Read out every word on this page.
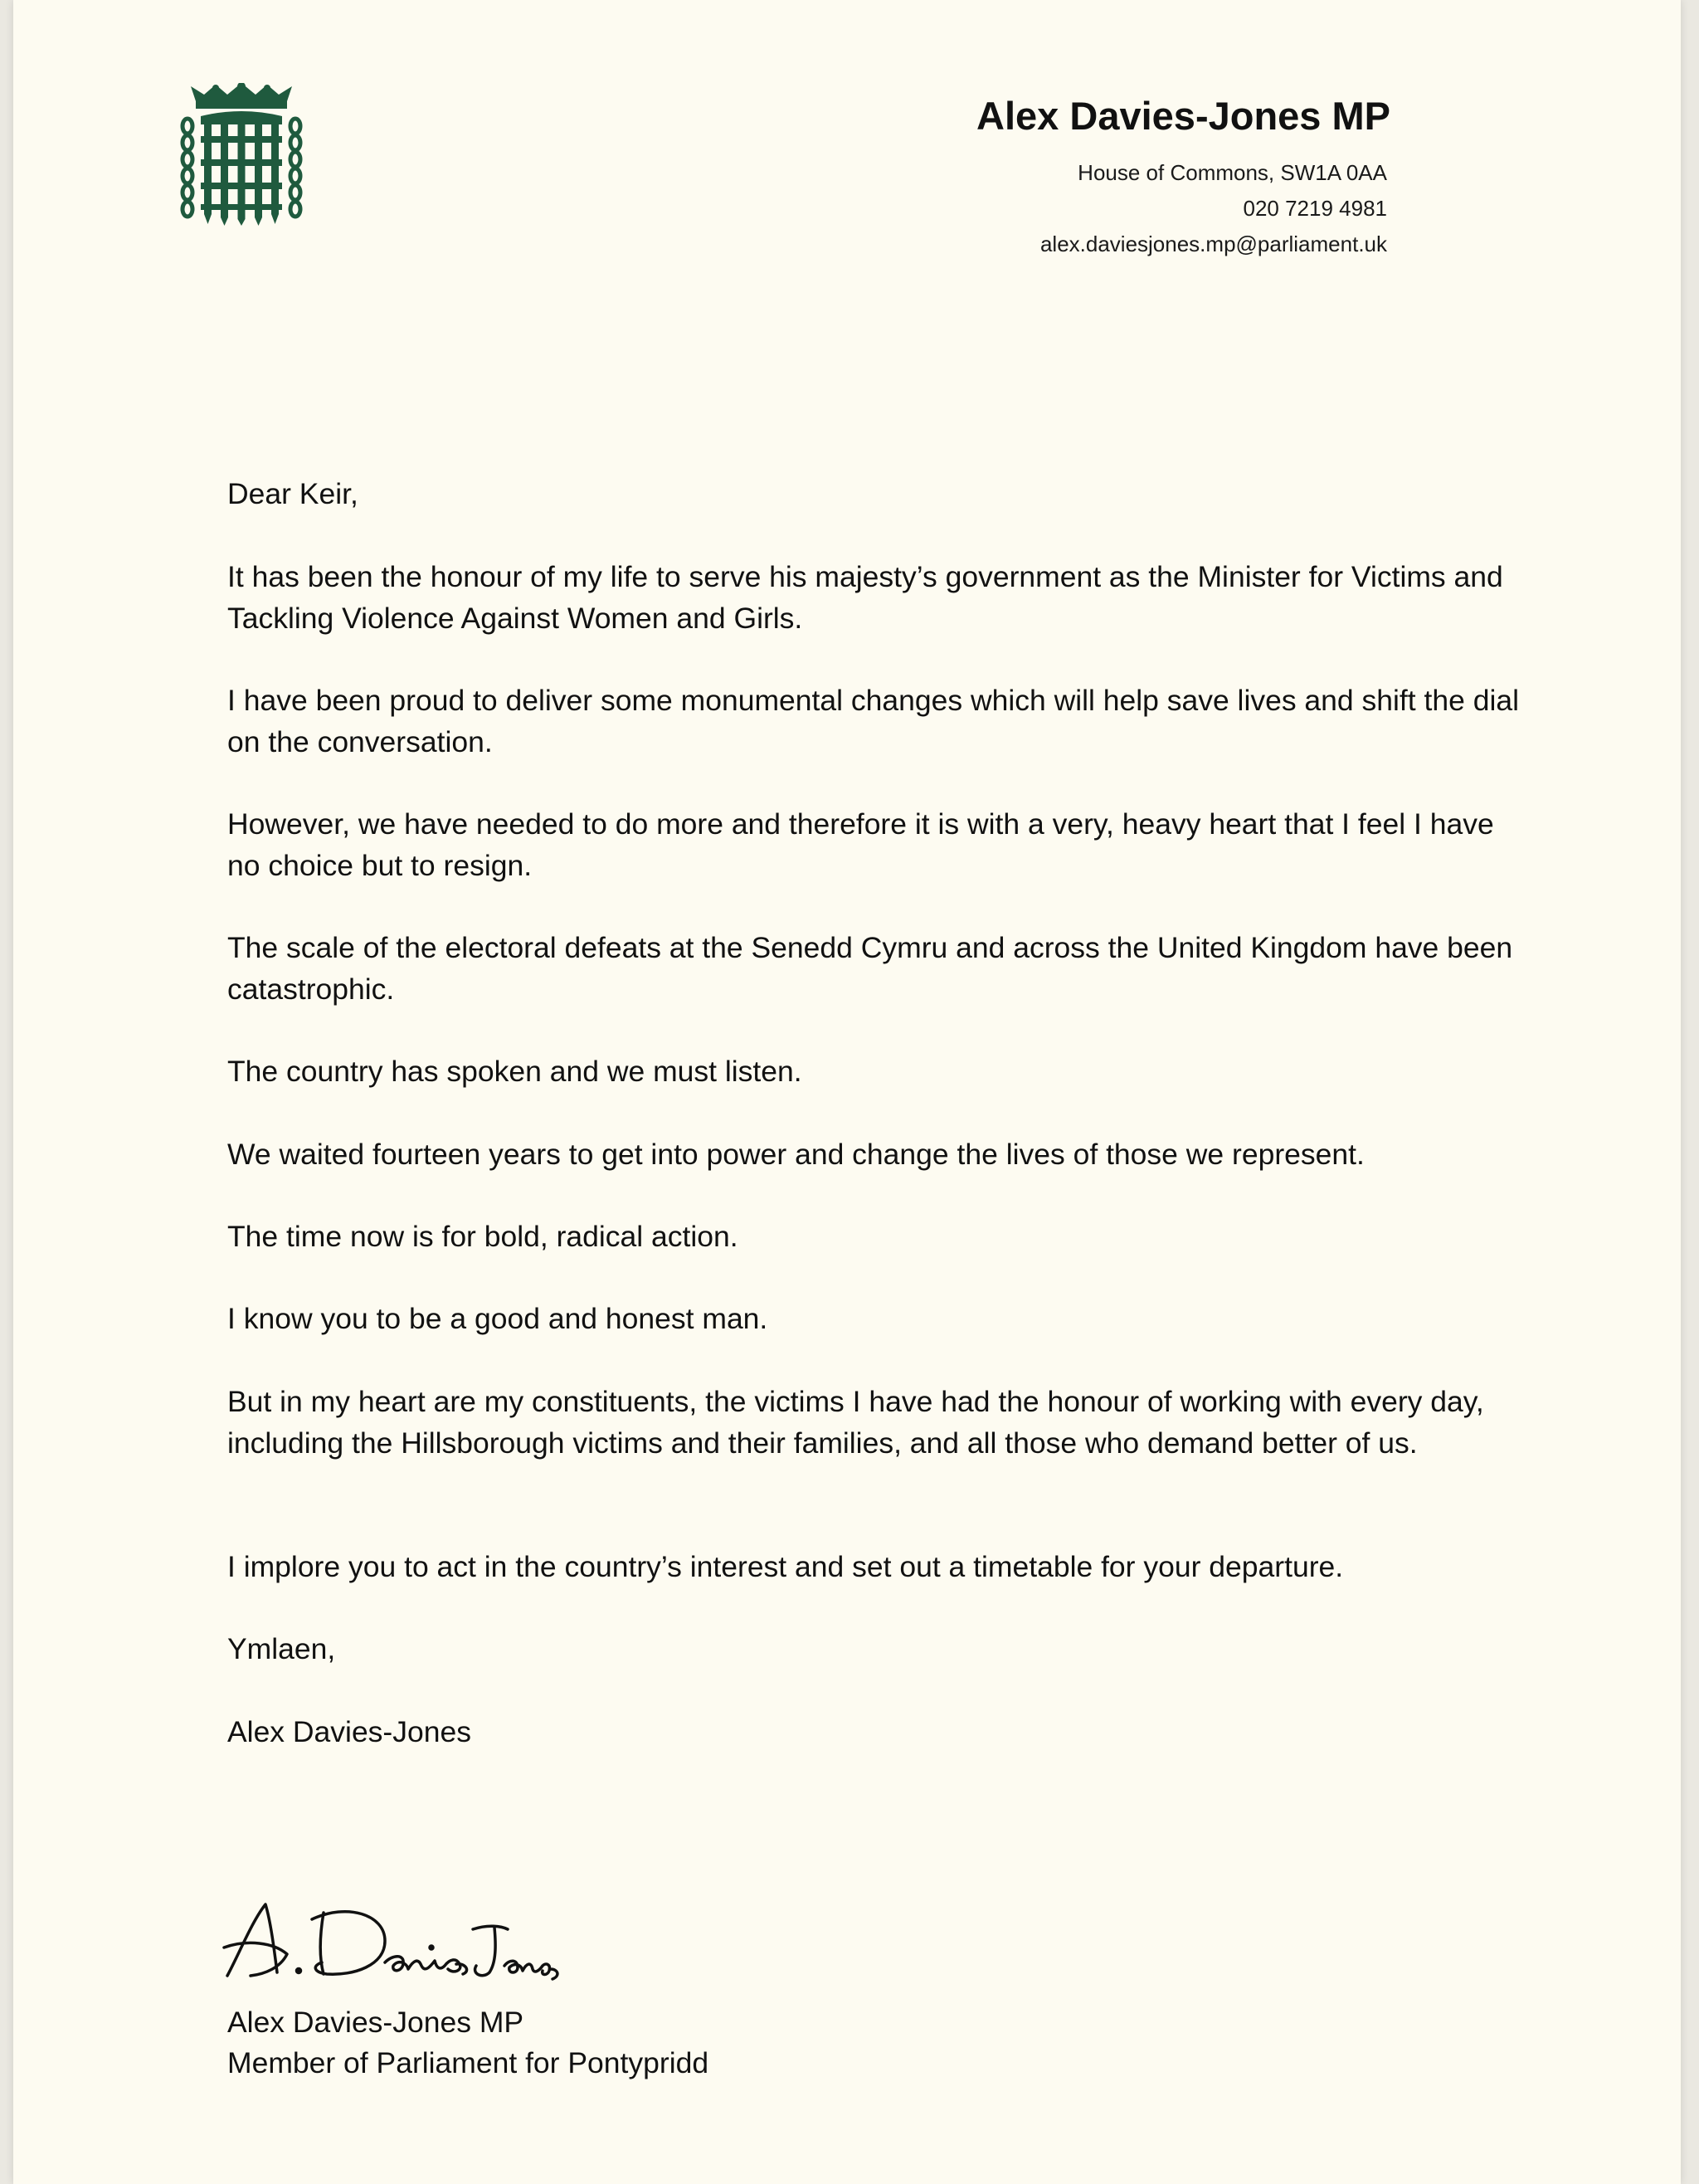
Alex Davies-Jones MP
House of Commons, SW1A 0AA
020 7219 4981
alex.daviesjones.mp@parliament.uk

Dear Keir,

It has been the honour of my life to serve his majesty’s government as the Minister for Victims and Tackling Violence Against Women and Girls.

I have been proud to deliver some monumental changes which will help save lives and shift the dial on the conversation.

However, we have needed to do more and therefore it is with a very, heavy heart that I feel I have no choice but to resign.

The scale of the electoral defeats at the Senedd Cymru and across the United Kingdom have been catastrophic.

The country has spoken and we must listen.

We waited fourteen years to get into power and change the lives of those we represent.

The time now is for bold, radical action.

I know you to be a good and honest man.

But in my heart are my constituents, the victims I have had the honour of working with every day, including the Hillsborough victims and their families, and all those who demand better of us.

I implore you to act in the country’s interest and set out a timetable for your departure.

Ymlaen,

Alex Davies-Jones

Alex Davies-Jones MP

Member of Parliament for Pontypridd
